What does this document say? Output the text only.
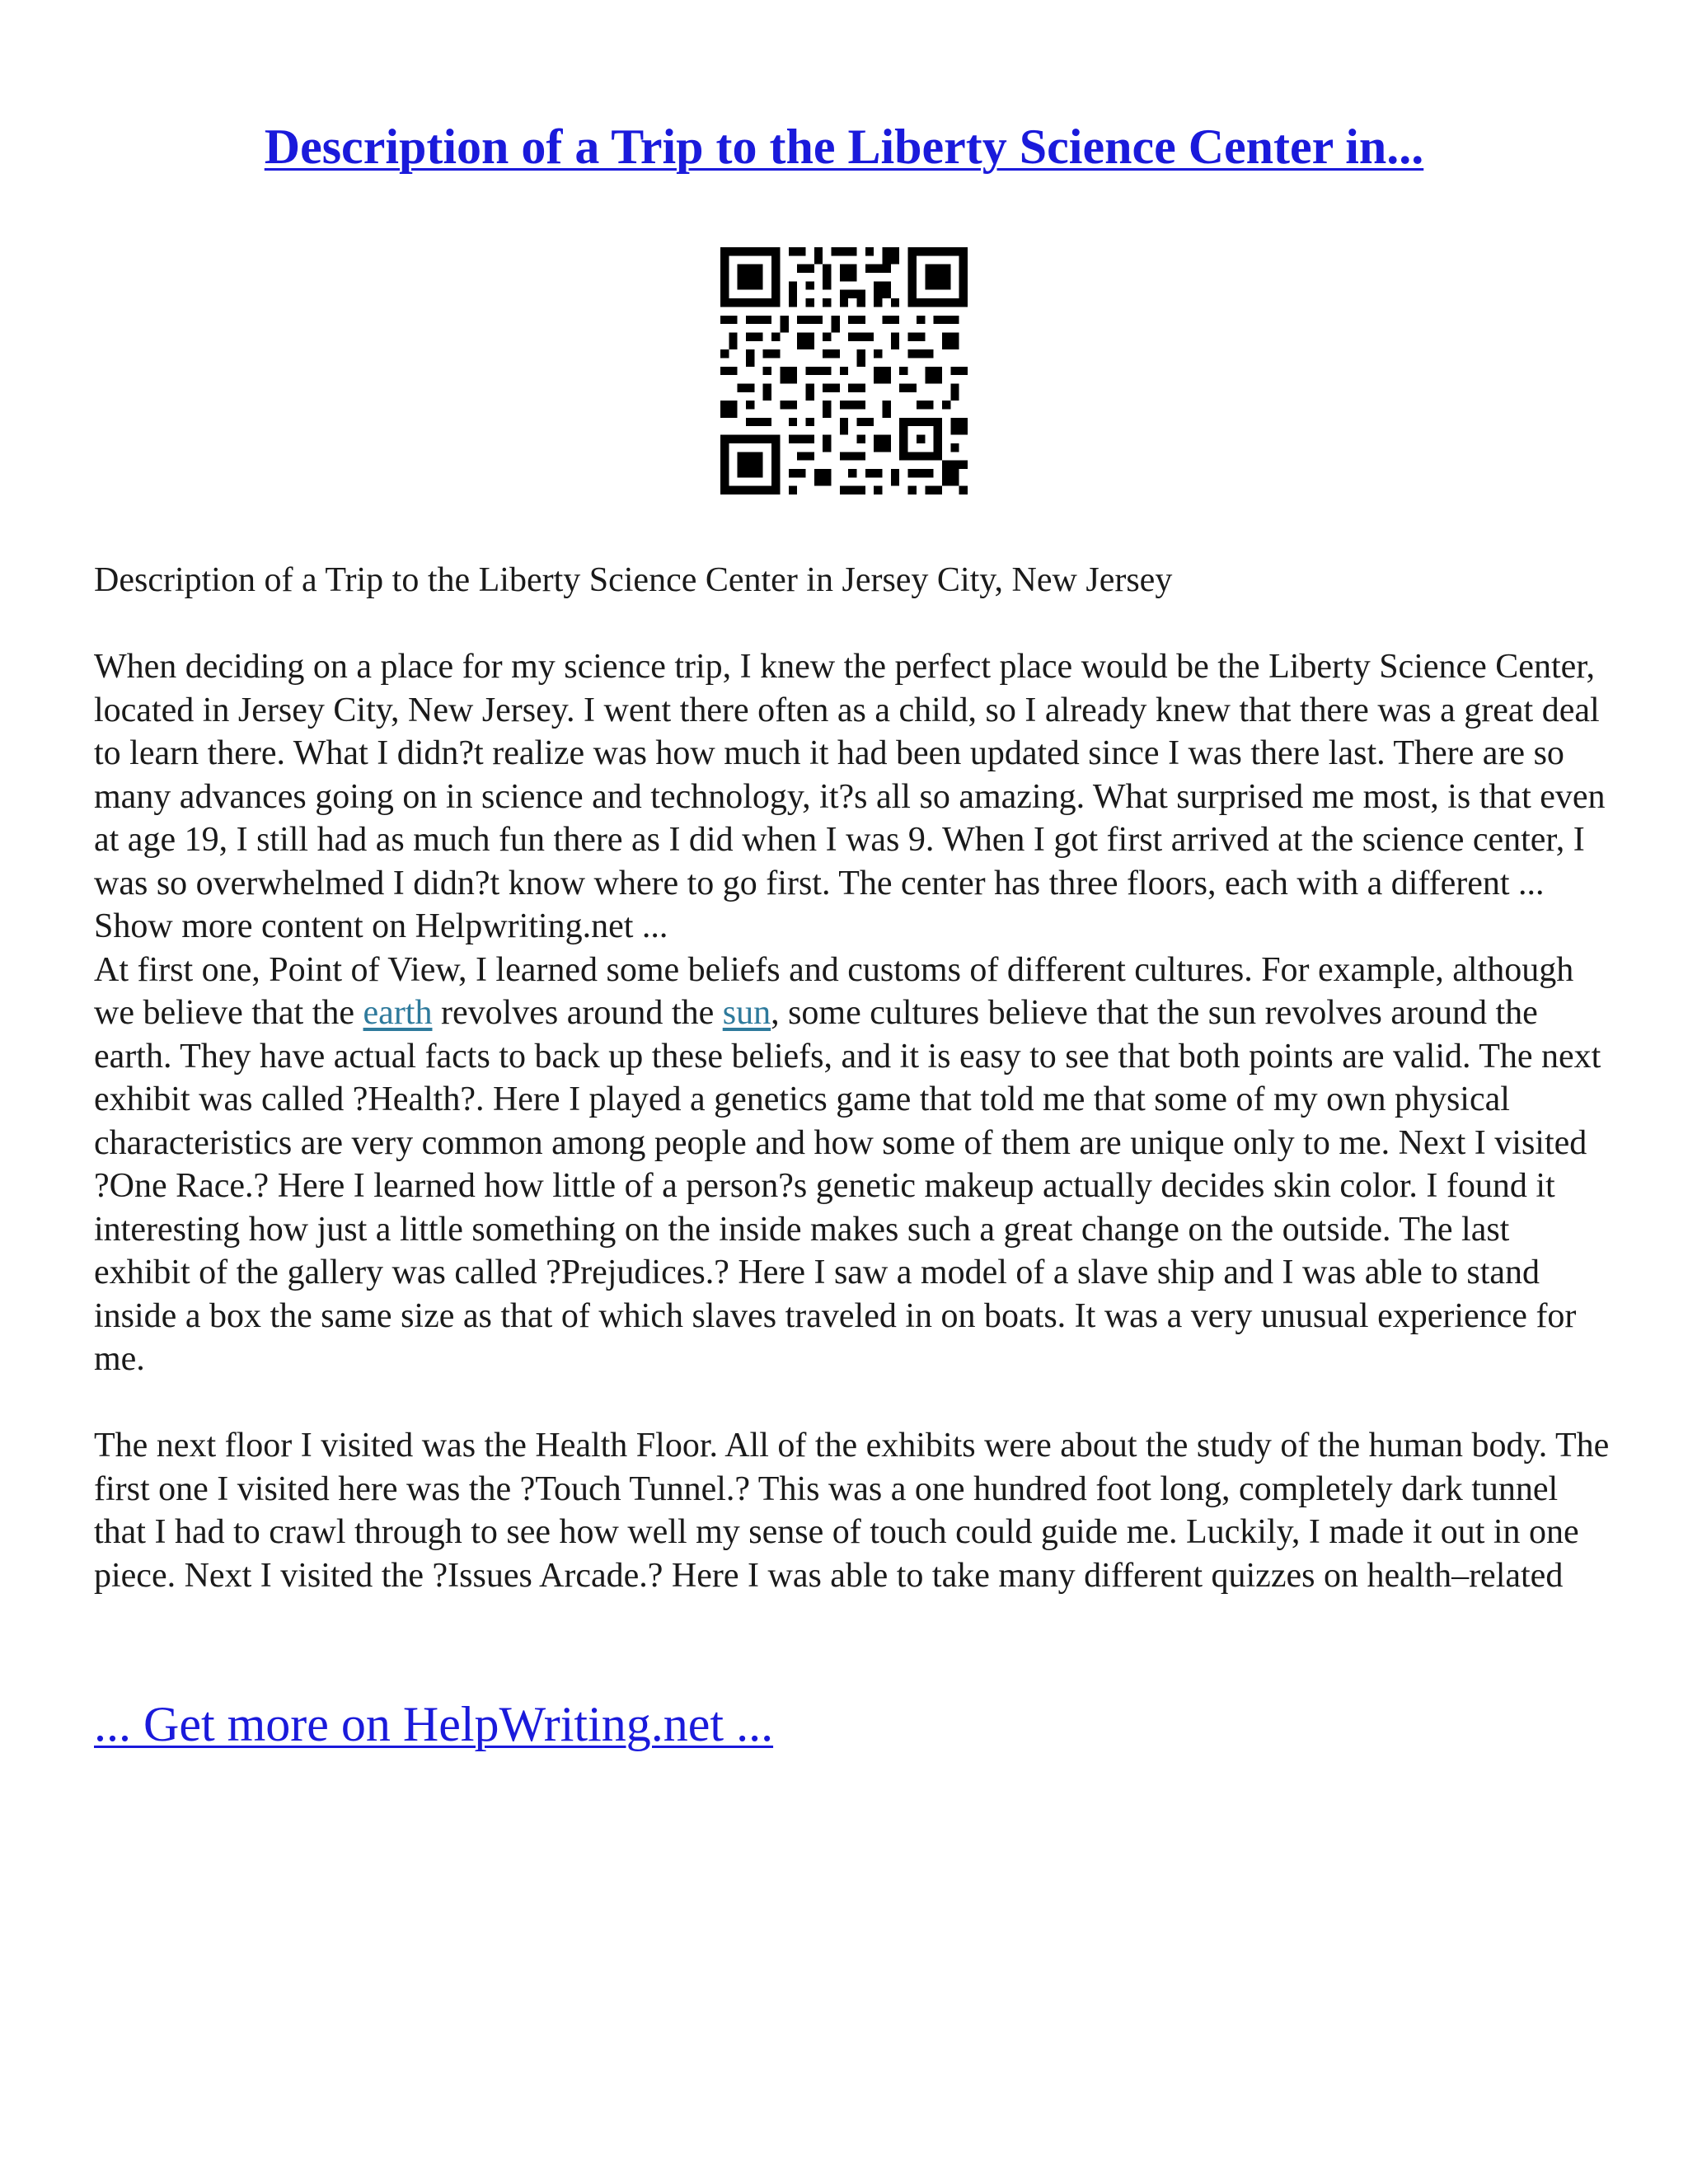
Description of a Trip to the Liberty Science Center in...

Description of a Trip to the Liberty Science Center in Jersey City, New Jersey

When deciding on a place for my science trip, I knew the perfect place would be the Liberty Science Center, located in Jersey City, New Jersey. I went there often as a child, so I already knew that there was a great deal to learn there. What I didn?t realize was how much it had been updated since I was there last. There are so many advances going on in science and technology, it?s all so amazing. What surprised me most, is that even at age 19, I still had as much fun there as I did when I was 9. When I got first arrived at the science center, I was so overwhelmed I didn?t know where to go first. The center has three floors, each with a different ... Show more content on Helpwriting.net ...

At first one, Point of View, I learned some beliefs and customs of different cultures. For example, although we believe that the earth revolves around the sun, some cultures believe that the sun revolves around the earth. They have actual facts to back up these beliefs, and it is easy to see that both points are valid. The next exhibit was called ?Health?. Here I played a genetics game that told me that some of my own physical characteristics are very common among people and how some of them are unique only to me. Next I visited ?One Race.? Here I learned how little of a person?s genetic makeup actually decides skin color. I found it interesting how just a little something on the inside makes such a great change on the outside. The last exhibit of the gallery was called ?Prejudices.? Here I saw a model of a slave ship and I was able to stand inside a box the same size as that of which slaves traveled in on boats. It was a very unusual experience for me.

The next floor I visited was the Health Floor. All of the exhibits were about the study of the human body. The first one I visited here was the ?Touch Tunnel.? This was a one hundred foot long, completely dark tunnel that I had to crawl through to see how well my sense of touch could guide me. Luckily, I made it out in one piece. Next I visited the ?Issues Arcade.? Here I was able to take many different quizzes on health–related

... Get more on HelpWriting.net ...
